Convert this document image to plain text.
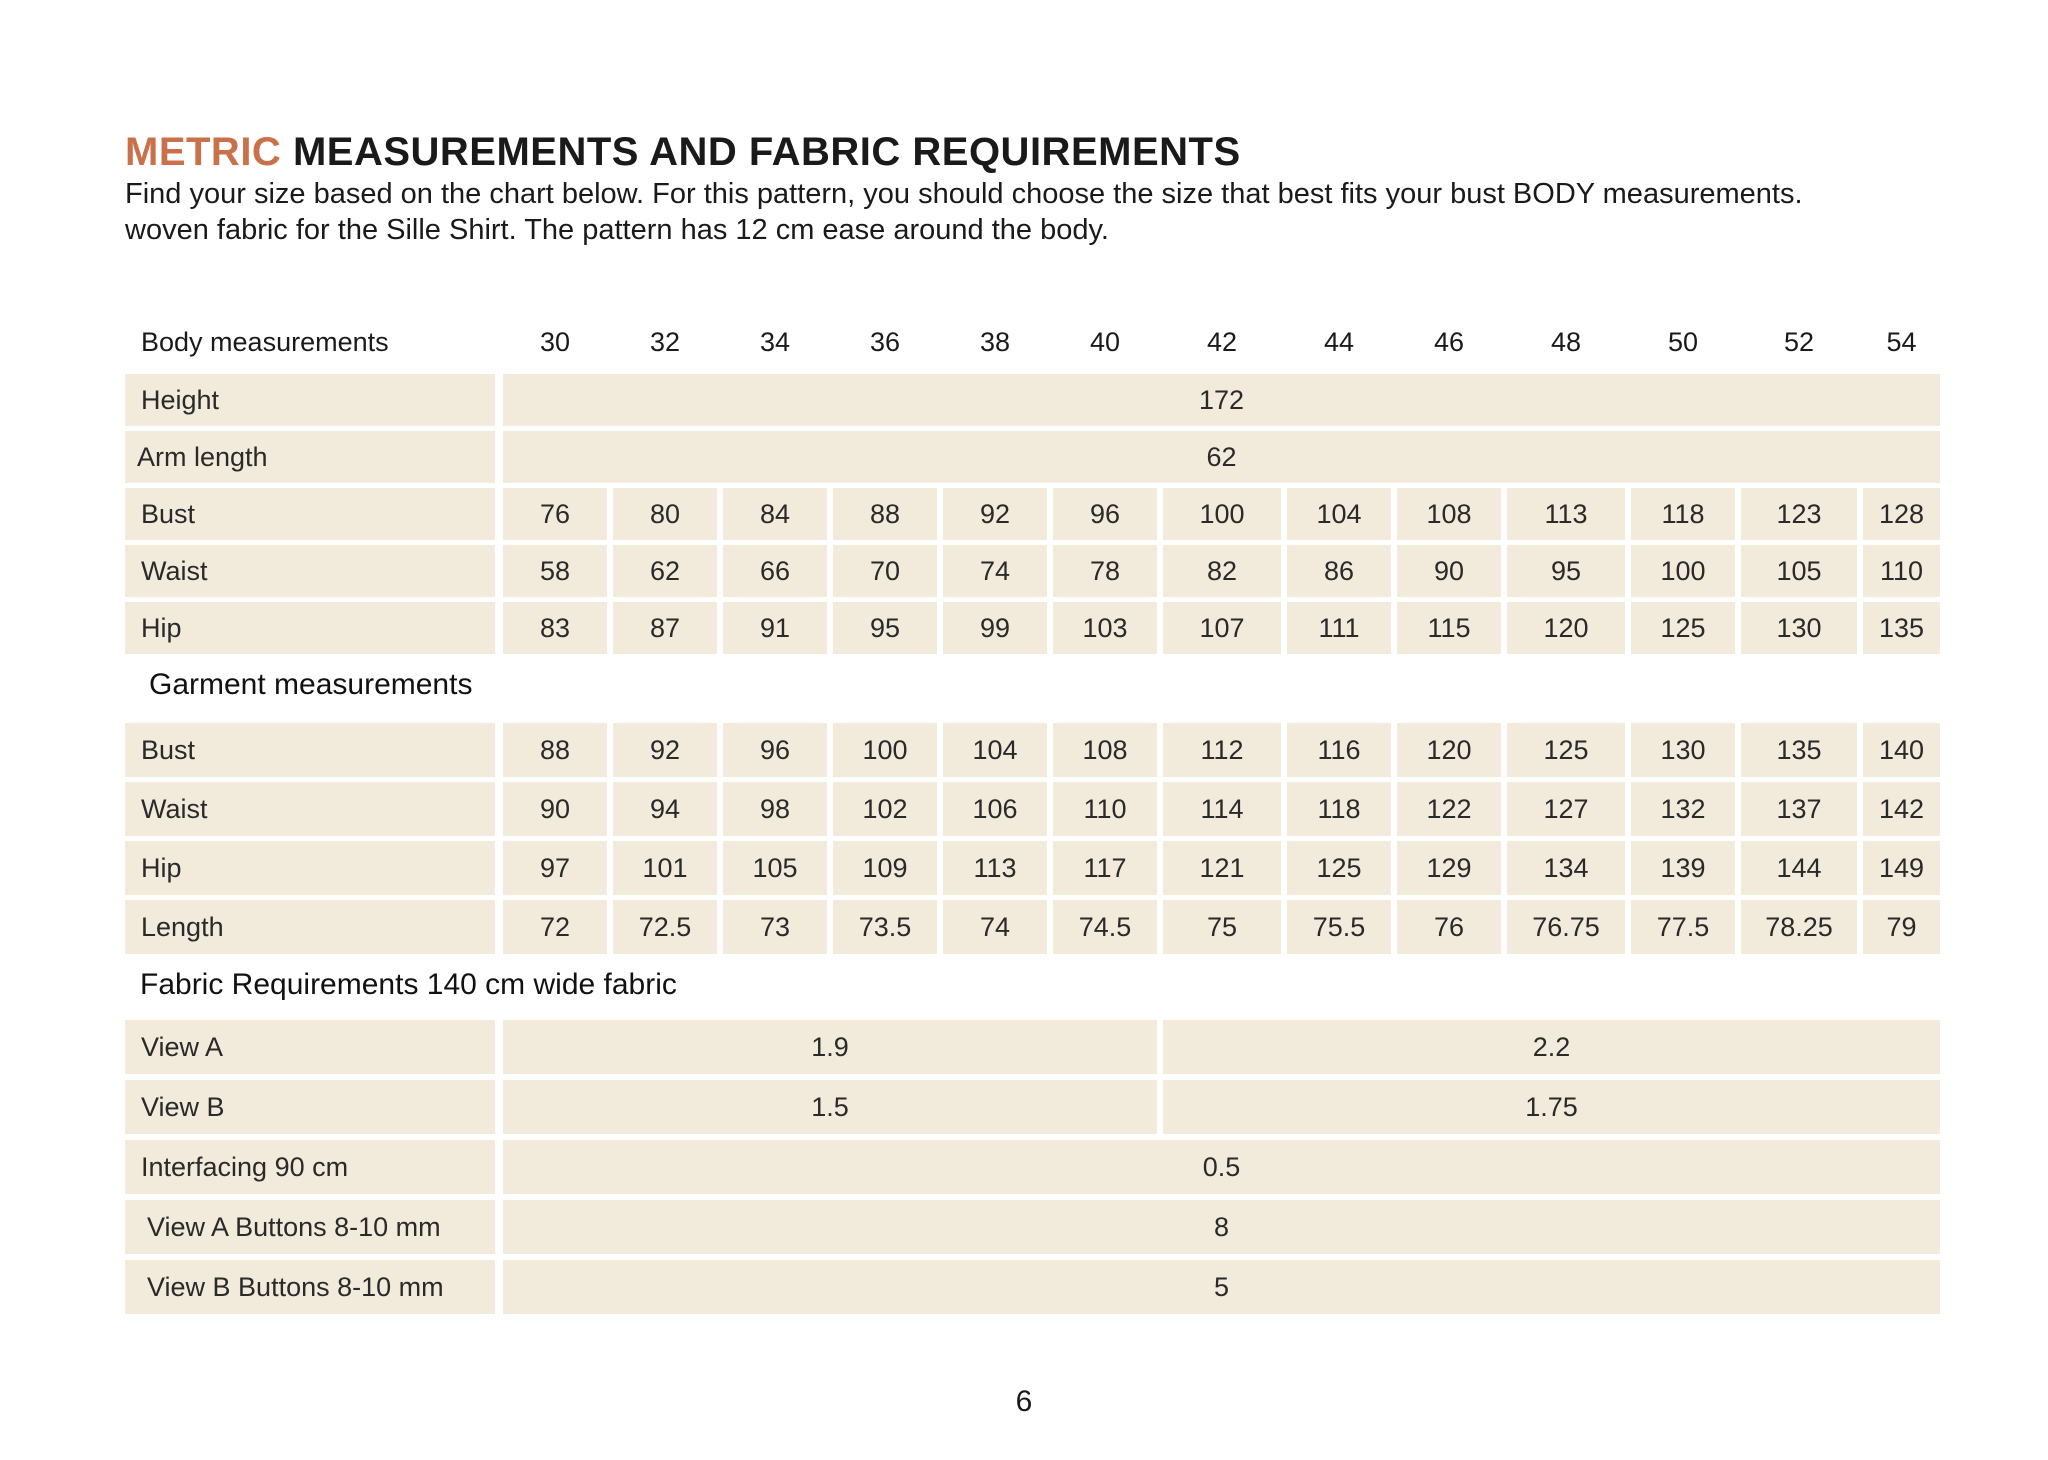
METRIC MEASUREMENTS AND FABRIC REQUIREMENTS

Find your size based on the chart below. For this pattern, you should choose the size that best fits your bust BODY measurements.

woven fabric for the Sille Shirt. The pattern has 12 cm ease around the body.

Body measurements	30	32	34	36	38	40	42	44	46	48	50	52	54
Height	172
Arm length	62
Bust	76	80	84	88	92	96	100	104	108	113	118	123	128
Waist	58	62	66	70	74	78	82	86	90	95	100	105	110
Hip	83	87	91	95	99	103	107	111	115	120	125	130	135
Garment measurements
Bust	88	92	96	100	104	108	112	116	120	125	130	135	140
Waist	90	94	98	102	106	110	114	118	122	127	132	137	142
Hip	97	101	105	109	113	117	121	125	129	134	139	144	149
Length	72	72.5	73	73.5	74	74.5	75	75.5	76	76.75	77.5	78.25	79
Fabric Requirements 140 cm wide fabric
View A	1.9	2.2
View B	1.5	1.75
Interfacing 90 cm	0.5
View A Buttons 8-10 mm	8
View B Buttons 8-10 mm	5
6
